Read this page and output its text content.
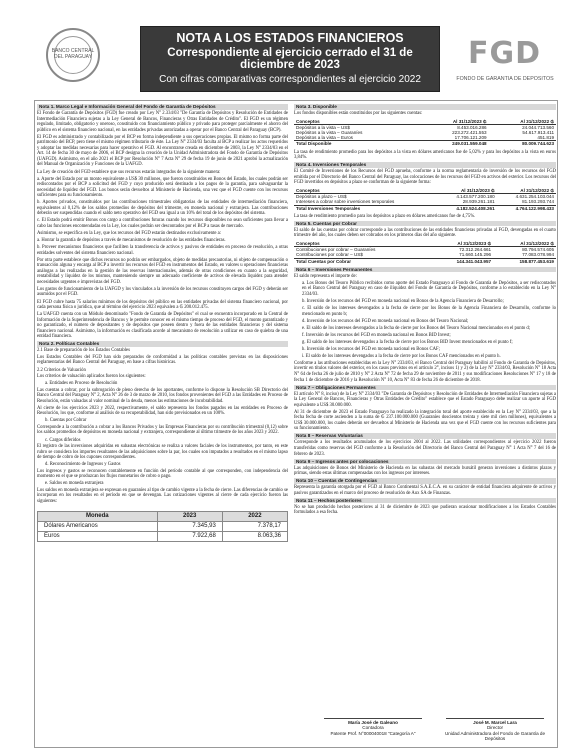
BANCO CENTRAL DEL PARAGUAY
NOTA A LOS ESTADOS FINANCIEROS
Correspondiente al ejercicio cerrado el 31 de diciembre de 2023
Con cifras comparativas correspondientes al ejercicio 2022
FGD
FONDO DE GARANTIA DE DEPOSITOS
Nota 1. Marco Legal e Información General del Fondo de Garantía de Depósitos

El Fondo de Garantía de Depósitos (FGD) fue creado por Ley N° 2.334/03 "De Garantía de Depósitos y Resolución de Entidades de Intermediación Financiera sujetas a la Ley General de Bancos, Financieras y Otras Entidades de Crédito". El FGD es un régimen regulado, limitado, obligatorio y oneroso, constituido con financiamiento público y privado para proteger parcialmente el ahorro del público en el sistema financiero nacional, en las entidades privadas autorizadas a operar por el Banco Central del Paraguay (BCP).

El FGD es administrado y contabilizado por el BCP en forma independiente a sus operaciones propias. El mismo no forma parte del patrimonio del BCP, pero tiene el mismo régimen tributario de éste. La Ley N° 2334/03 faculta al BCP a realizar los actos requeridos y adoptar las medidas necesarias para hacer operativo el FGD. Al encontrarse creada en diciembre de 2003, la Ley N° 2334/03 en el Art. 14 de fecha 30 de mayo de 2006, el BCP designa la creación de la Unidad Administradora del Fondo de Garantía de Depósitos (UAFGD). Asimismo, en el año 2021 el BCP por Resolución N° 7 Acta N° 29 de fecha 19 de junio de 2021 aprobó la actualización del Manual de Organización y Funciones de la UAFGD.

La Ley de creación del FGD establece que sus recursos estarán integrados de la siguiente manera:

a. Aporte del Estado por un monto equivalente a US$ 30 millones, que fueron constituidos en Bonos del Estado, los cuales podrán ser rediscontados por el BCP a solicitud del FGD y cuyo producido será destinado a los pagos de la garantía, para salvaguardar la necesidad de liquidez del FGD. Los bonos serán devueltos al Ministerio de Hacienda, una vez que el FGD cuente con los recursos suficientes para su funcionamiento.

b. Aportes privados, constituidos por las contribuciones trimestrales obligatorias de las entidades de intermediación financiera, equivalentes al 0,12% de los saldos promedios de depósitos del trimestre, en moneda nacional y extranjera. Las contribuciones deberán ser suspendidas cuando el saldo neto operativo del FGD sea igual a un 10% del total de los depósitos del sistema.

c. El Estado podrá emitir Bonos con cargo a contribuciones futuras cuando los recursos disponibles no sean suficientes para llevar a cabo las funciones encomendadas en la Ley, los cuales podrán ser descontados por el BCP a tasas de mercado.

Asimismo, se especifica en la Ley, que los recursos del FGD estarán destinados exclusivamente a:

a. Honrar la garantía de depósitos a través de mecanismos de resolución de las entidades financieras.

b. Proveer mecanismos financieros que faciliten la transferencia de activos y pasivos de entidades en proceso de resolución, a otras entidades solventes del sistema financiero nacional.

Por otra parte establece que dichos recursos no podrán ser embargados, objeto de medidas precautorias, ni objeto de compensación o transacción alguna y encarga al BCP a invertir los recursos del FGD en instrumentos del Estado, en valores u operaciones financieras análogas a las realizadas en la gestión de las reservas internacionales, además de otras condiciones en cuanto a la seguridad, rentabilidad y liquidez de los mismos, manteniendo siempre un adecuado coeficiente de activos de elevada liquidez para atender necesidades urgentes e imprevistas del FGD.

Los gastos de funcionamiento de la UAFGD y los vinculados a la inversión de los recursos constituyen cargos del FGD y deberán ser asumidos por el FGD.

El FGD cubre hasta 75 salarios mínimos de los depósitos del público en las entidades privadas del sistema financiero nacional, por cada persona física o jurídica, que al término del ejercicio 2023 equivalen a ₲ 200.012.475.

La UAFGD cuenta con un Módulo denominado "Fondo de Garantía de Depósitos" el cual se encuentra incorporado en la Central de Información de la Superintendencia de Bancos y le permite conocer en el mismo tiempo de proceso del FGD, el monto garantizado y no garantizado, el número de depositantes y de depósitos que poseen dentro y fuera de las entidades financieras y del sistema financiero nacional. Asimismo, la información es clasificada acorde al mecanismo de resolución a utilizar en caso de quiebra de una entidad financiera.

Nota 2. Políticas Contables
2.1 Base de preparación de los Estados Contables

Los Estados Contables del FGD han sido preparados de conformidad a las políticas contables previstas en las disposiciones reglamentarias del Banco Central del Paraguay, en base a cifras históricas.

2.2 Criterios de Valuación

Los criterios de valuación aplicados fueron los siguientes:

a. Entidades en Proceso de Resolución

Las cuentas a cobrar, por la subrogación de pleno derecho de los aportantes, conforme lo dispone la Resolución SB Directorio del Banco Central del Paraguay N° 2, Acta N° 26 de 3 de marzo de 2010, los fondos provenientes del FGD a las Entidades en Proceso de Resolución, están valuadas al valor nominal de la deuda, menos las estimaciones de incobrabilidad.

Al cierre de los ejercicios 2023 y 2022, respectivamente, el saldo representa los fondos pagados en las entidades en Proceso de Resolución, los que, conforme al análisis de su recuperabilidad, han sido previsionados en un 100%.

b. Cuentas por Cobrar

Corresponde a la contribución a cobrar a los Bancos Privados y las Empresas Financieras por su contribución trimestral (0,12) sobre los saldos promedios de depósitos en moneda nacional y extranjera, correspondiente al último trimestre de los años 2023 y 2022.

c. Cargos diferidos

El registro de las inversiones adquiridas en subastas electrónicas se realiza a valores faciales de los instrumentos, por tanto, en este rubro se considera los importes resultantes de las adquisiciones sobre la par, los cuales son imputados a resultados en el mismo lapso de tiempo de cobro de los cupones correspondientes.

d. Reconocimiento de Ingresos y Gastos

Los ingresos y gastos se reconocen contablemente en función del período contable al que corresponden, con independencia del momento en el que se produzcan los flujos monetarios de cobro o pago.

e. Saldos en moneda extranjera

Los saldos en moneda extranjera se expresan en guaraníes al tipo de cambio vigente a la fecha de cierre. Las diferencias de cambio se incorporan en los resultados en el período en que se devengan. Las cotizaciones vigentes al cierre de cada ejercicio fueron las siguientes:

Moneda	2023	2022
Dólares Americanos	7.345,93	7.378,17
Euros	7.922,68	8.063,36
Nota 3. Disponible

Los fondos disponibles están constituidos por las siguientes cuentas:

Conceptos	Al 31/12/2023 ₲	Al 31/12/2022 ₲
Depósitos a la vista – US$	8.453.016.286	24.044.713.560
Depósitos a la vista – Guaraníes	223.272.421.553	54.617.913.411
Depósitos a la vista – Euros	17.706.121.209	451.819
Total Disponible	249.031.559.048	80.009.744.623

La tasa de rendimiento promedio para los depósitos a la vista en dólares americanos fue de 5,02% y para los depósitos a la vista en euros 3,84%.

Nota 4. Inversiones Temporales

El Comité de Inversiones de los Recursos del FGD aprueba, conforme a la norma reglamentaria de inversión de los recursos del FGD emitida por el Directorio del Banco Central del Paraguay, las colocaciones de los recursos del FGD en activos del exterior. Los recursos del FGD invertidos en depósitos a plazo se conforman de la siguiente forma:

Conceptos	Al 31/12/2023 ₲	Al 31/12/2022 ₲
Depósitos a plazo – US$	4.143.577.200.180	4.631.254.103.044
Intereses a cobrar sobre inversiones temporales	28.939.261.181	81.193.293.744
Total Inversiones Temporales	4.182.524.408.261	4.764.122.998.433

La tasa de rendimiento promedio para los depósitos a plazo en dólares americanos fue de 4,75%.

Nota 5. Cuentas por Cobrar

El saldo de las cuentas por cobrar corresponde a las contribuciones de las entidades financieras privadas al FGD, devengadas en el cuarto trimestre del año, los cuales deben ser cobrados en los primeros días del año siguiente.

Conceptos	Al 31/12/2023 ₲	Al 31/12/2022 ₲
Contribuciones por cobrar – Guaraníes	72.312.264.661	80.794.574.605
Contribuciones por cobrar – US$	71.660.145.296	77.083.078.994
Total Cuentas por Cobrar	144.341.043.957	158.877.453.619
Nota 6 – Inversiones Permanentes

El saldo representa el importe de:

a. Los Bonos del Tesoro Público recibidos como aporte del Estado Paraguayo al Fondo de Garantía de Depósitos, a ser rediscontados en el Banco Central del Paraguay en caso de iliquidez del Fondo de Garantía de Depósitos, conforme a lo establecido en la Ley N° 2334/03.

b. Inversión de los recursos del FGD en moneda nacional en Bonos de la Agencia Financiera de Desarrollo;

c. El saldo de los intereses devengados a la fecha de cierre por los Bonos de la Agencia Financiera de Desarrollo, conforme lo mencionado en punto b;

d. Inversión de los recursos del FGD en moneda nacional en Bonos del Tesoro Nacional;

e. El saldo de los intereses devengados a la fecha de cierre por los Bonos del Tesoro Nacional mencionados en el punto d;

f. Inversión de los recursos del FGD en moneda nacional en Bonos BID Invest;

g. El saldo de los intereses devengados a la fecha de cierre por los Bonos BID Invest mencionados en el punto f;

h. Inversión de los recursos del FGD en moneda nacional en Bonos CAF;

i. El saldo de los intereses devengados a la fecha de cierre por los Bonos CAF mencionados en el punto h.

Conforme a las atribuciones establecidas en la Ley N° 2334/03, el Banco Central del Paraguay habilitó al Fondo de Garantía de Depósitos, invertir en títulos valores del exterior, en los casos previstos en el artículo 2°, incisos 1) y 2) de la Ley N° 2334/03, Resolución N° 18 Acta N° 64 de fecha 26 de julio de 2010 y N° 2 Acta N° 72 de fecha 29 de noviembre de 2011 y sus modificaciones Resoluciones N° 17 y 18 de fecha 1 de diciembre de 2016 y la Resolución N° 10, Acta N° 83 de fecha 26 de diciembre de 2018.

Nota 7 – Obligaciones Permanentes

El artículo N° 8, inciso) de la Ley N° 2334/03 "De Garantía de Depósitos y Resolución de Entidades de Intermediación Financiera sujetas a la Ley General de Bancos, Financieras y Otras Entidades de Crédito" establece que el Estado Paraguayo debe realizar un aporte al FGD equivalente a US$ 30.000.000.

Al 31 de diciembre de 2023 el Estado Paraguayo ha realizado la integración total del aporte establecido en la Ley N° 2334/03, que a la fecha fecha de corte ascienden a la suma de ₲ 237.100.000.000 (Guaraníes doscientos treinta y siete mil cien millones), equivalentes a US$ 30.000.000, los cuales deberán ser devueltos al Ministerio de Hacienda una vez que el FGD cuente con los recursos suficientes para su funcionamiento.

Nota 8 – Reservas Voluntarias

Corresponde a los resultados acumulados de los ejercicios 2004 al 2022. Las utilidades correspondientes al ejercicio 2022 fueron transferidas como reservas del FGD conforme a la Resolución del Directorio del Banco Central del Paraguay N° 1 Acta N° 7 del 16 de febrero de 2023.

Nota 9 – Ingresos antes por colocaciones

Las adquisiciones de Bonos del Ministerio de Hacienda en las subastas del mercado bursátil generan inversiones a distintos plazos y primas, siendo estas últimas compensadas con los ingresos por intereses.

Nota 10 – Cuentas de Contingencias

Representa la garantía otorgada por el FGD al Banco Continental S.A.E.C.A. en su carácter de entidad financiera adquirente de activos y pasivos garantizados en el marco del proceso de resolución de Aux SA de Finanzas.

Nota 11 – Hechos posteriores

No se han producido hechos posteriores al 31 de diciembre de 2023 que pudieran ocasionar modificaciones a los Estados Contables formulados a esa fecha.

María José de Galeano
Contadora
Patente Prof. N°000040018 "Categoría A"
José M. Marcel Lara
Director
Unidad Administradora del Fondo de Garantía de Depósitos
